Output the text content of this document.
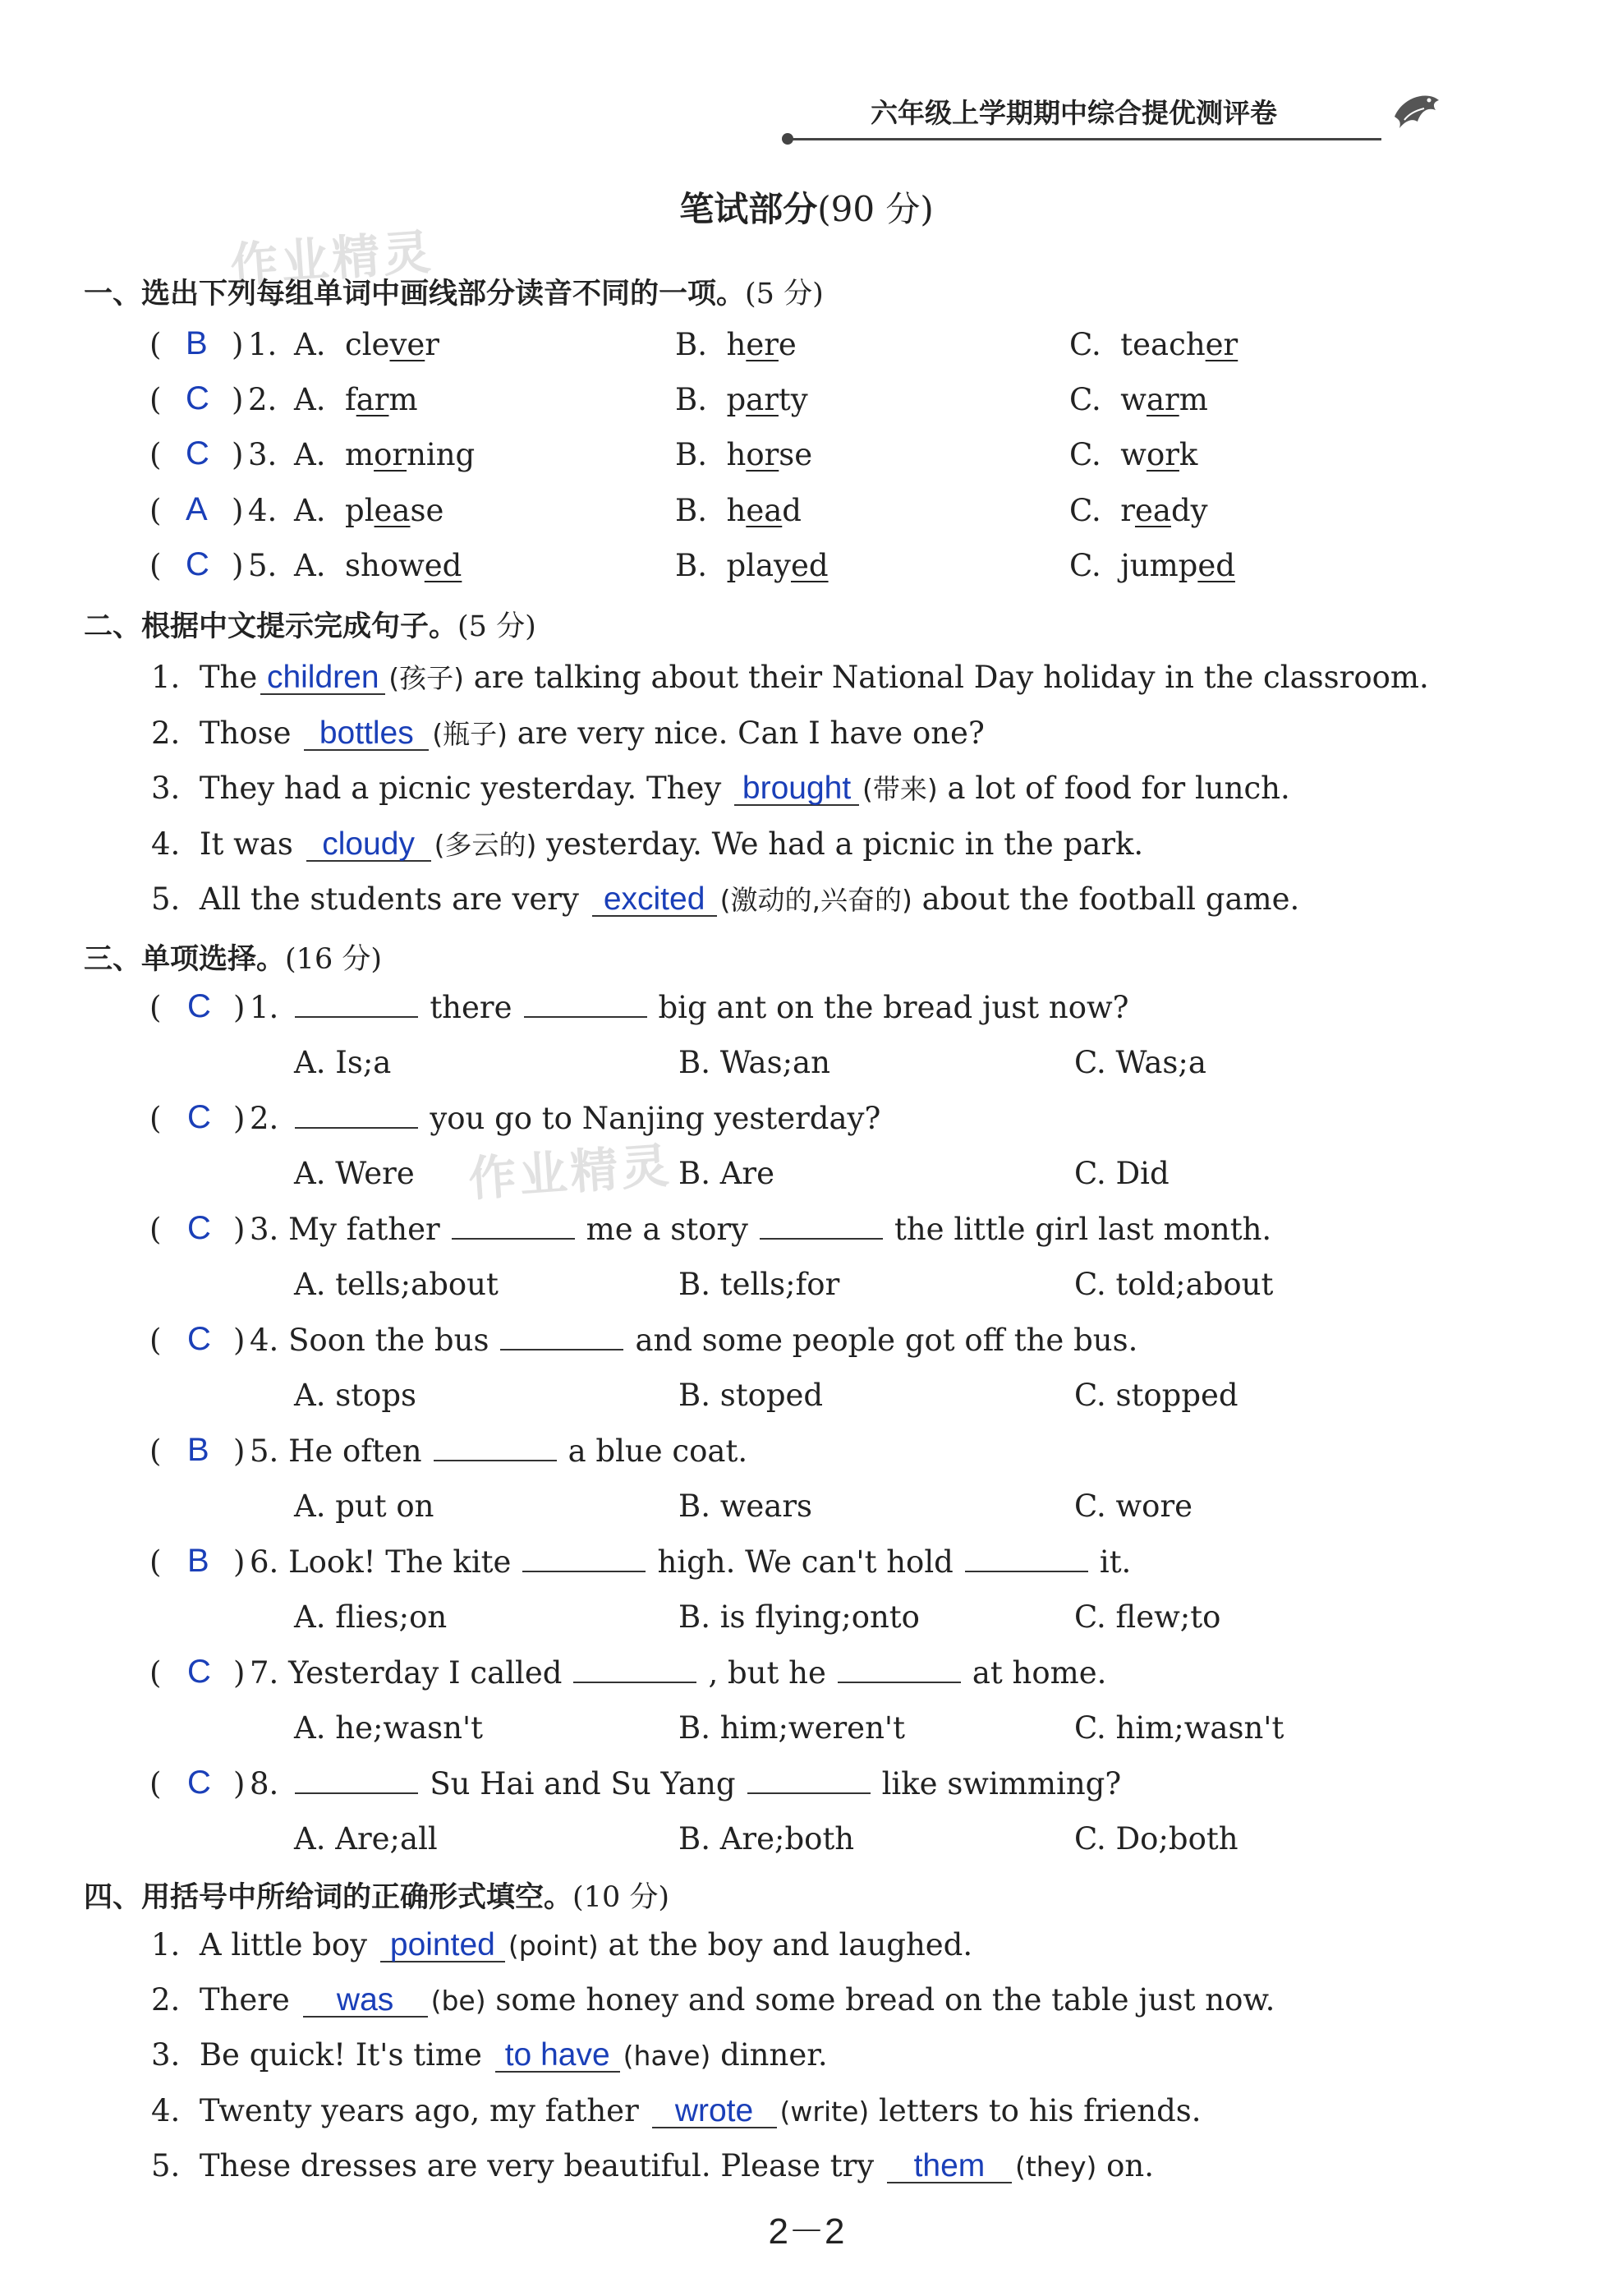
六年级上学期期中综合提优测评卷
作业精灵
作业精灵
笔试部分(90 分)
一、选出下列每组单词中画线部分读音不同的一项。(5 分)
( B ) 1. A.  clever	B.  here	C.  teacher
( C ) 2. A.  farm	B.  party	C.  warm
( C ) 3. A.  morning	B.  horse	C.  work
( A ) 4. A.  please	B.  head	C.  ready
( C ) 5. A.  showed	B.  played	C.  jumped
二、根据中文提示完成句子。(5 分)
1. The children (孩子) are talking about their National Day holiday in the classroom.
2. Those bottles (瓶子) are very nice. Can I have one?
3. They had a picnic yesterday. They brought (带来) a lot of food for lunch.
4. It was cloudy (多云的) yesterday. We had a picnic in the park.
5. All the students are very excited (激动的,兴奋的) about the football game.
三、单项选择。(16 分)
( C ) 1.	there	big ant on the bread just now?
A. Is;a	B. Was;an	C. Was;a
( C ) 2.	you go to Nanjing yesterday?
A. Were	B. Are	C. Did
( C ) 3. My father	me a story	the little girl last month.
A. tells;about	B. tells;for	C. told;about
( C ) 4. Soon the bus	and some people got off the bus.
A. stops	B. stoped	C. stopped
( B ) 5. He often	a blue coat.
A. put on	B. wears	C. wore
( B ) 6. Look! The kite	high. We can't hold	it.
A. flies;on	B. is flying;onto	C. flew;to
( C ) 7. Yesterday I called	, but he	at home.
A. he;wasn't	B. him;weren't	C. him;wasn't
( C ) 8.	Su Hai and Su Yang	like swimming?
A. Are;all	B. Are;both	C. Do;both
四、用括号中所给词的正确形式填空。(10 分)
1. A little boy pointed (point) at the boy and laughed.
2. There was (be) some honey and some bread on the table just now.
3. Be quick! It's time to have (have) dinner.
4. Twenty years ago, my father wrote (write) letters to his friends.
5. These dresses are very beautiful. Please try them (they) on.
2－2
